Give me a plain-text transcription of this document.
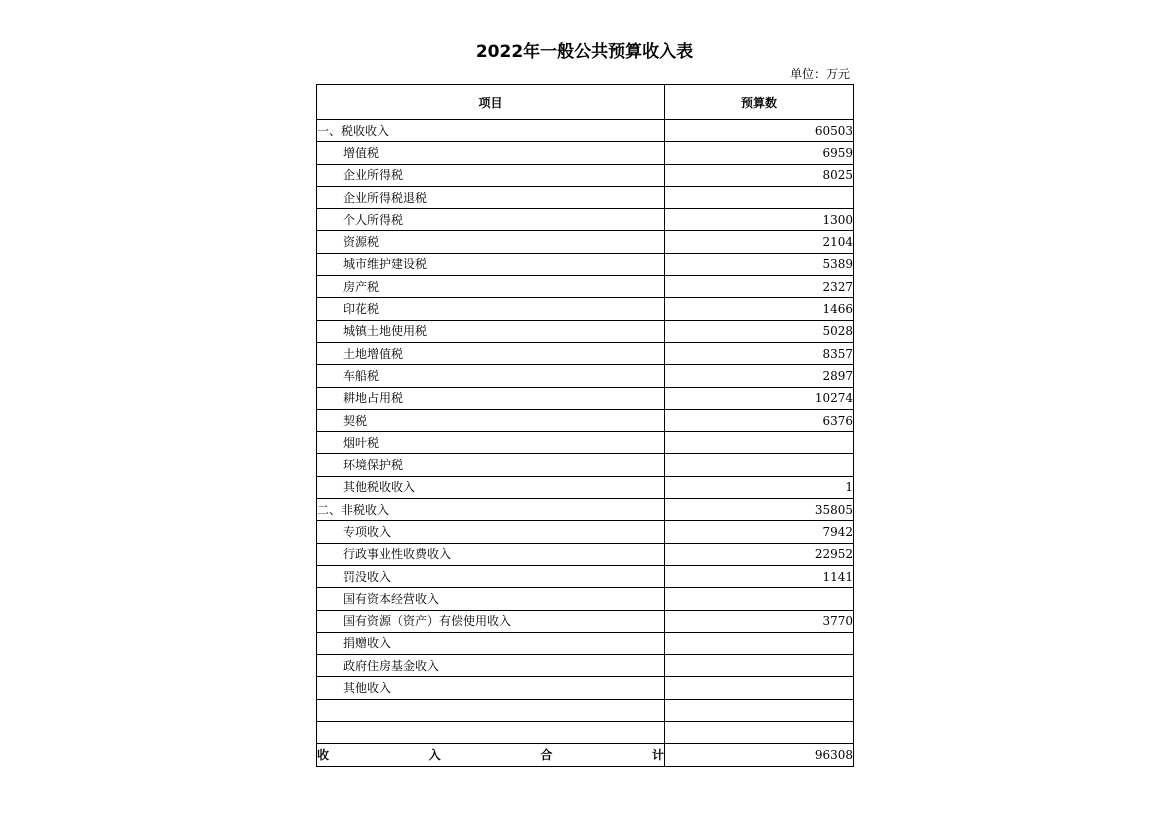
2022年一般公共预算收入表
单位：万元
项目	预算数
一、税收收入	60503
增值税	6959
企业所得税	8025
企业所得税退税	
个人所得税	1300
资源税	2104
城市维护建设税	5389
房产税	2327
印花税	1466
城镇土地使用税	5028
土地增值税	8357
车船税	2897
耕地占用税	10274
契税	6376
烟叶税	
环境保护税	
其他税收收入	1
二、非税收入	35805
专项收入	7942
行政事业性收费收入	22952
罚没收入	1141
国有资本经营收入	
国有资源（资产）有偿使用收入	3770
捐赠收入	
政府住房基金收入	
其他收入	

收 入 合 计	96308
